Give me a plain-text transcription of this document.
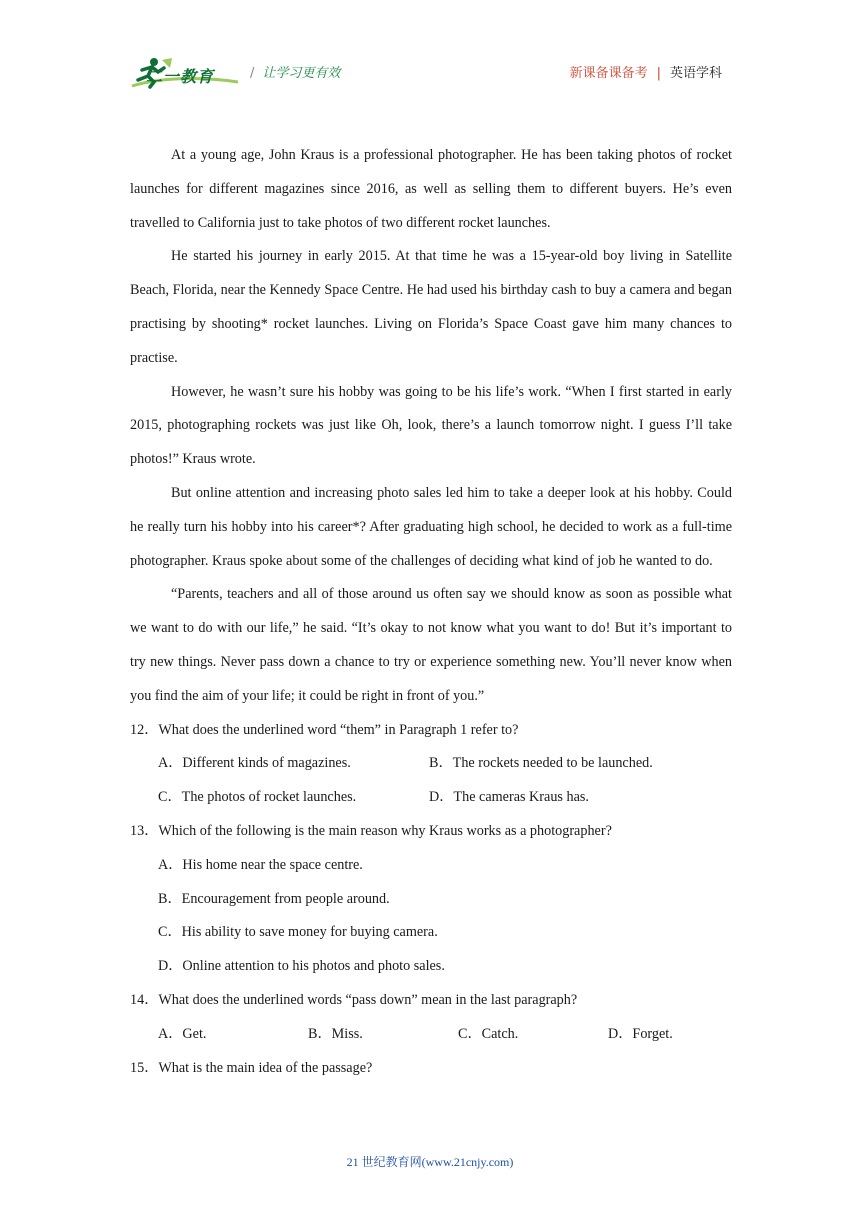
二一教育	/ 让学习更有效	新课备课备考 | 英语学科

At a young age, John Kraus is a professional photographer. He has been taking photos of rocket launches for different magazines since 2016, as well as selling them to different buyers. He’s even travelled to California just to take photos of two different rocket launches.

He started his journey in early 2015. At that time he was a 15-year-old boy living in Satellite Beach, Florida, near the Kennedy Space Centre. He had used his birthday cash to buy a camera and began practising by shooting* rocket launches. Living on Florida’s Space Coast gave him many chances to practise.

However, he wasn’t sure his hobby was going to be his life’s work. “When I first started in early 2015, photographing rockets was just like Oh, look, there’s a launch tomorrow night. I guess I’ll take photos!” Kraus wrote.

But online attention and increasing photo sales led him to take a deeper look at his hobby. Could he really turn his hobby into his career*? After graduating high school, he decided to work as a full-time photographer. Kraus spoke about some of the challenges of deciding what kind of job he wanted to do.

“Parents, teachers and all of those around us often say we should know as soon as possible what we want to do with our life,” he said. “It’s okay to not know what you want to do! But it’s important to try new things. Never pass down a chance to try or experience something new. You’ll never know when you find the aim of your life; it could be right in front of you.”

12．What does the underlined word “them” in Paragraph 1 refer to?

A．Different kinds of magazines.	B．The rockets needed to be launched.
C．The photos of rocket launches.	D．The cameras Kraus has.

13．Which of the following is the main reason why Kraus works as a photographer?

A．His home near the space centre.

B．Encouragement from people around.

C．His ability to save money for buying camera.

D．Online attention to his photos and photo sales.

14．What does the underlined words “pass down” mean in the last paragraph?

A．Get.	B．Miss.	C．Catch.	D．Forget.

15．What is the main idea of the passage?

21 世纪教育网(www.21cnjy.com)
